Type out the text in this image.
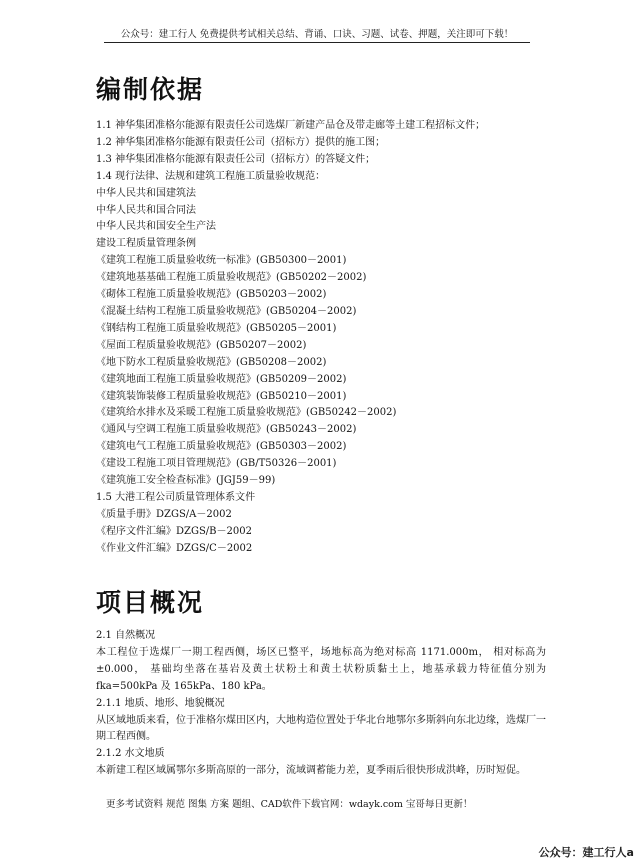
公众号：建工行人 免费提供考试相关总结、背诵、口诀、习题、试卷、押题，关注即可下载！
编制依据
1.1 神华集团准格尔能源有限责任公司选煤厂新建产品仓及带走廊等土建工程招标文件；
1.2 神华集团准格尔能源有限责任公司（招标方）提供的施工图；
1.3 神华集团准格尔能源有限责任公司（招标方）的答疑文件；
1.4 现行法律、法规和建筑工程施工质量验收规范：
中华人民共和国建筑法
中华人民共和国合同法
中华人民共和国安全生产法
建设工程质量管理条例
《建筑工程施工质量验收统一标准》(GB50300－2001)
《建筑地基基础工程施工质量验收规范》(GB50202－2002)
《砌体工程施工质量验收规范》(GB50203－2002)
《混凝土结构工程施工质量验收规范》(GB50204－2002)
《钢结构工程施工质量验收规范》(GB50205－2001)
《屋面工程质量验收规范》(GB50207－2002)
《地下防水工程质量验收规范》(GB50208－2002)
《建筑地面工程施工质量验收规范》(GB50209－2002)
《建筑装饰装修工程质量验收规范》(GB50210－2001)
《建筑给水排水及采暖工程施工质量验收规范》(GB50242－2002)
《通风与空调工程施工质量验收规范》(GB50243－2002)
《建筑电气工程施工质量验收规范》(GB50303－2002)
《建设工程施工项目管理规范》(GB/T50326－2001)
《建筑施工安全检查标准》(JGJ59－99)
1.5 大港工程公司质量管理体系文件
《质量手册》DZGS/A－2002
《程序文件汇编》DZGS/B－2002
《作业文件汇编》DZGS/C－2002
项目概况
2.1 自然概况
本工程位于选煤厂一期工程西侧，场区已整平，场地标高为绝对标高 1171.000m， 相对标高为±0.000， 基础均坐落在基岩及黄土状粉土和黄土状粉质黏土上，地基承载力特征值分别为 fka=500kPa 及 165kPa、180 kPa。
2.1.1 地质、地形、地貌概况
从区域地质来看，位于准格尔煤田区内，大地构造位置处于华北台地鄂尔多斯斜向东北边缘，选煤厂一期工程西侧。
2.1.2 水文地质
本新建工程区域属鄂尔多斯高原的一部分，流域调蓄能力差，夏季雨后很快形成洪峰，历时短促。
更多考试资料 规范 图集 方案 题组、CAD软件下载官网：wdayk.com 宝哥每日更新！
公众号：建工行人a
